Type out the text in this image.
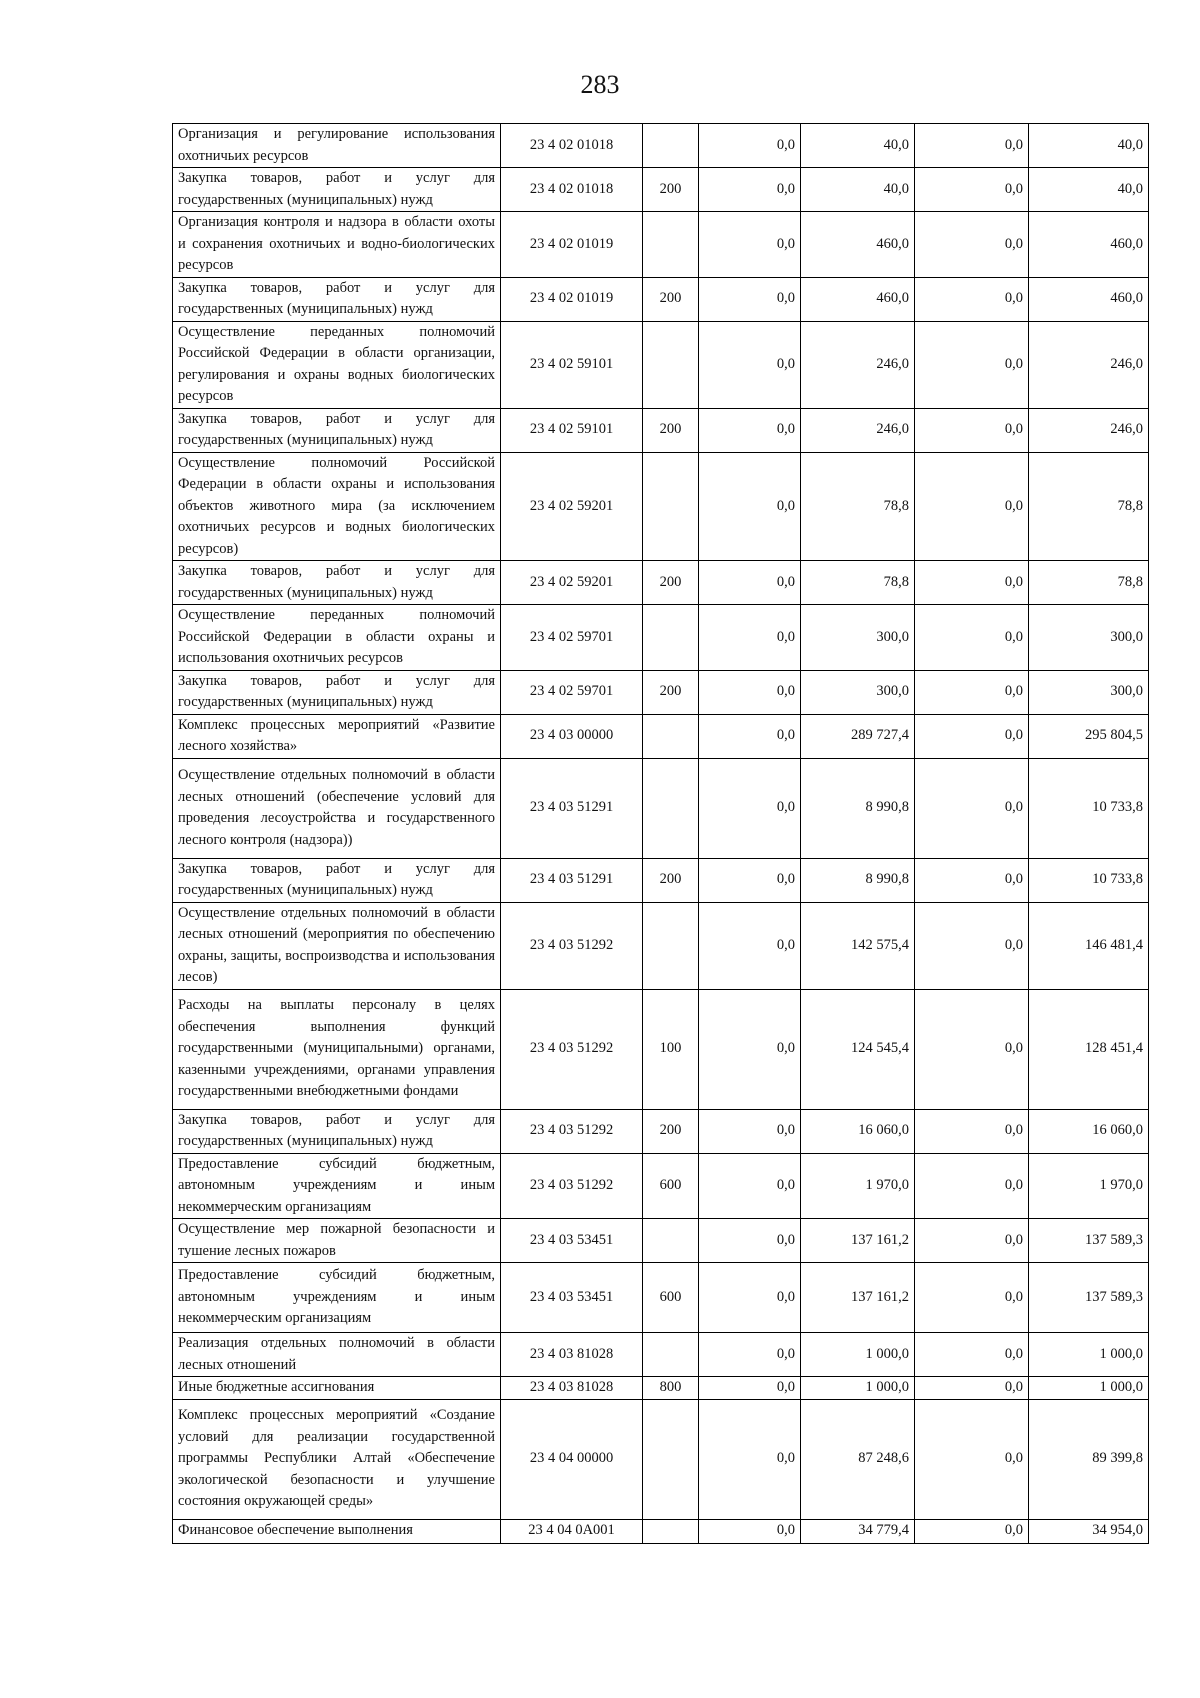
283
Организация и регулирование использования охотничьих ресурсов	23 4 02 01018		0,0	40,0	0,0	40,0
Закупка товаров, работ и услуг для государственных (муниципальных) нужд	23 4 02 01018	200	0,0	40,0	0,0	40,0
Организация контроля и надзора в области охоты и сохранения охотничьих и водно-биологических ресурсов	23 4 02 01019		0,0	460,0	0,0	460,0
Закупка товаров, работ и услуг для государственных (муниципальных) нужд	23 4 02 01019	200	0,0	460,0	0,0	460,0
Осуществление переданных полномочий Российской Федерации в области организации, регулирования и охраны водных биологических ресурсов	23 4 02 59101		0,0	246,0	0,0	246,0
Закупка товаров, работ и услуг для государственных (муниципальных) нужд	23 4 02 59101	200	0,0	246,0	0,0	246,0
Осуществление полномочий Российской Федерации в области охраны и использования объектов животного мира (за исключением охотничьих ресурсов и водных биологических ресурсов)	23 4 02 59201		0,0	78,8	0,0	78,8
Закупка товаров, работ и услуг для государственных (муниципальных) нужд	23 4 02 59201	200	0,0	78,8	0,0	78,8
Осуществление переданных полномочий Российской Федерации в области охраны и использования охотничьих ресурсов	23 4 02 59701		0,0	300,0	0,0	300,0
Закупка товаров, работ и услуг для государственных (муниципальных) нужд	23 4 02 59701	200	0,0	300,0	0,0	300,0
Комплекс процессных мероприятий «Развитие лесного хозяйства»	23 4 03 00000		0,0	289 727,4	0,0	295 804,5
Осуществление отдельных полномочий в области лесных отношений (обеспечение условий для проведения лесоустройства и государственного лесного контроля (надзора))	23 4 03 51291		0,0	8 990,8	0,0	10 733,8
Закупка товаров, работ и услуг для государственных (муниципальных) нужд	23 4 03 51291	200	0,0	8 990,8	0,0	10 733,8
Осуществление отдельных полномочий в области лесных отношений (мероприятия по обеспечению охраны, защиты, воспроизводства и использования лесов)	23 4 03 51292		0,0	142 575,4	0,0	146 481,4
Расходы на выплаты персоналу в целях обеспечения выполнения функций государственными (муниципальными) органами, казенными учреждениями, органами управления государственными внебюджетными фондами	23 4 03 51292	100	0,0	124 545,4	0,0	128 451,4
Закупка товаров, работ и услуг для государственных (муниципальных) нужд	23 4 03 51292	200	0,0	16 060,0	0,0	16 060,0
Предоставление субсидий бюджетным, автономным учреждениям и иным некоммерческим организациям	23 4 03 51292	600	0,0	1 970,0	0,0	1 970,0
Осуществление мер пожарной безопасности и тушение лесных пожаров	23 4 03 53451		0,0	137 161,2	0,0	137 589,3
Предоставление субсидий бюджетным, автономным учреждениям и иным некоммерческим организациям	23 4 03 53451	600	0,0	137 161,2	0,0	137 589,3
Реализация отдельных полномочий в области лесных отношений	23 4 03 81028		0,0	1 000,0	0,0	1 000,0
Иные бюджетные ассигнования	23 4 03 81028	800	0,0	1 000,0	0,0	1 000,0
Комплекс процессных мероприятий «Создание условий для реализации государственной программы Республики Алтай «Обеспечение экологической безопасности и улучшение состояния окружающей среды»	23 4 04 00000		0,0	87 248,6	0,0	89 399,8
Финансовое обеспечение выполнения	23 4 04 0А001		0,0	34 779,4	0,0	34 954,0
